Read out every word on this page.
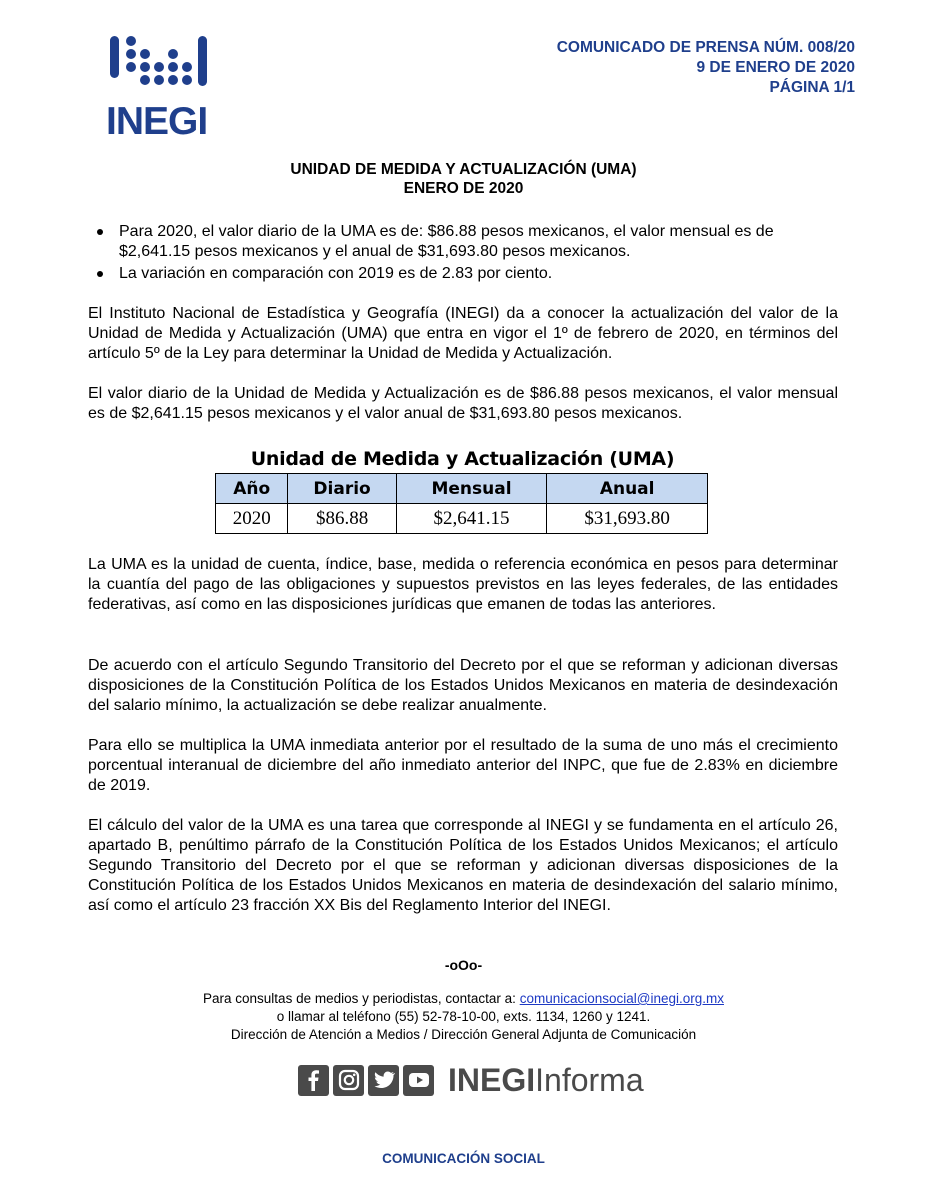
INEGI
COMUNICADO DE PRENSA NÚM. 008/20
9 DE ENERO DE 2020
PÁGINA 1/1
UNIDAD DE MEDIDA Y ACTUALIZACIÓN (UMA)
ENERO DE 2020
Para 2020, el valor diario de la UMA es de: $86.88 pesos mexicanos, el valor mensual es de $2,641.15 pesos mexicanos y el anual de $31,693.80 pesos mexicanos.
La variación en comparación con 2019 es de 2.83 por ciento.
El Instituto Nacional de Estadística y Geografía (INEGI) da a conocer la actualización del valor de la Unidad de Medida y Actualización (UMA) que entra en vigor el 1º de febrero de 2020, en términos del artículo 5º de la Ley para determinar la Unidad de Medida y Actualización.
El valor diario de la Unidad de Medida y Actualización es de $86.88 pesos mexicanos, el valor mensual es de $2,641.15 pesos mexicanos y el valor anual de $31,693.80 pesos mexicanos.
Unidad de Medida y Actualización (UMA)
Año	Diario	Mensual	Anual
2020	$86.88	$2,641.15	$31,693.80
La UMA es la unidad de cuenta, índice, base, medida o referencia económica en pesos para determinar la cuantía del pago de las obligaciones y supuestos previstos en las leyes federales, de las entidades federativas, así como en las disposiciones jurídicas que emanen de todas las anteriores.
De acuerdo con el artículo Segundo Transitorio del Decreto por el que se reforman y adicionan diversas disposiciones de la Constitución Política de los Estados Unidos Mexicanos en materia de desindexación del salario mínimo, la actualización se debe realizar anualmente.
Para ello se multiplica la UMA inmediata anterior por el resultado de la suma de uno más el crecimiento porcentual interanual de diciembre del año inmediato anterior del INPC, que fue de 2.83% en diciembre de 2019.
El cálculo del valor de la UMA es una tarea que corresponde al INEGI y se fundamenta en el artículo 26, apartado B, penúltimo párrafo de la Constitución Política de los Estados Unidos Mexicanos; el artículo Segundo Transitorio del Decreto por el que se reforman y adicionan diversas disposiciones de la Constitución Política de los Estados Unidos Mexicanos en materia de desindexación del salario mínimo, así como el artículo 23 fracción XX Bis del Reglamento Interior del INEGI.
-oOo-
Para consultas de medios y periodistas, contactar a: comunicacionsocial@inegi.org.mx
o llamar al teléfono (55) 52-78-10-00, exts. 1134, 1260 y 1241.
Dirección de Atención a Medios / Dirección General Adjunta de Comunicación
INEGIInforma
COMUNICACIÓN SOCIAL
